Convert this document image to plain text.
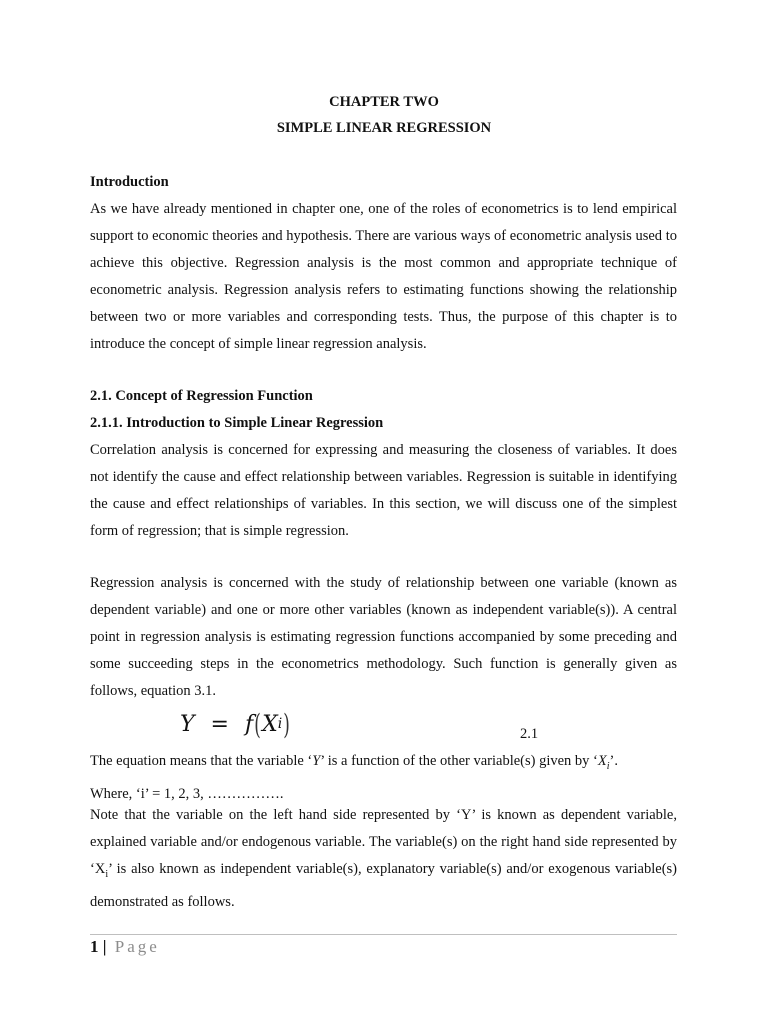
CHAPTER TWO
SIMPLE LINEAR REGRESSION
Introduction
As we have already mentioned in chapter one, one of the roles of econometrics is to lend empirical support to economic theories and hypothesis. There are various ways of econometric analysis used to achieve this objective. Regression analysis is the most common and appropriate technique of econometric analysis. Regression analysis refers to estimating functions showing the relationship between two or more variables and corresponding tests. Thus, the purpose of this chapter is to introduce the concept of simple linear regression analysis.
2.1. Concept of Regression Function
2.1.1. Introduction to Simple Linear Regression
Correlation analysis is concerned for expressing and measuring the closeness of variables. It does not identify the cause and effect relationship between variables. Regression is suitable in identifying the cause and effect relationships of variables. In this section, we will discuss one of the simplest form of regression; that is simple regression.
Regression analysis is concerned with the study of relationship between one variable (known as dependent variable) and one or more other variables (known as independent variable(s)). A central point in regression analysis is estimating regression functions accompanied by some preceding and some succeeding steps in the econometrics methodology. Such function is generally given as follows, equation 3.1.
Y = f ( X i )	2.1
The equation means that the variable ‘Y’ is a function of the other variable(s) given by ‘$X_i$’.
Where, ‘i’ = 1, 2, 3, …………….
Note that the variable on the left hand side represented by ‘Y’ is known as dependent variable, explained variable and/or endogenous variable. The variable(s) on the right hand side represented by ‘$X_i$’ is also known as independent variable(s), explanatory variable(s) and/or exogenous variable(s) demonstrated as follows.
1 | Page
